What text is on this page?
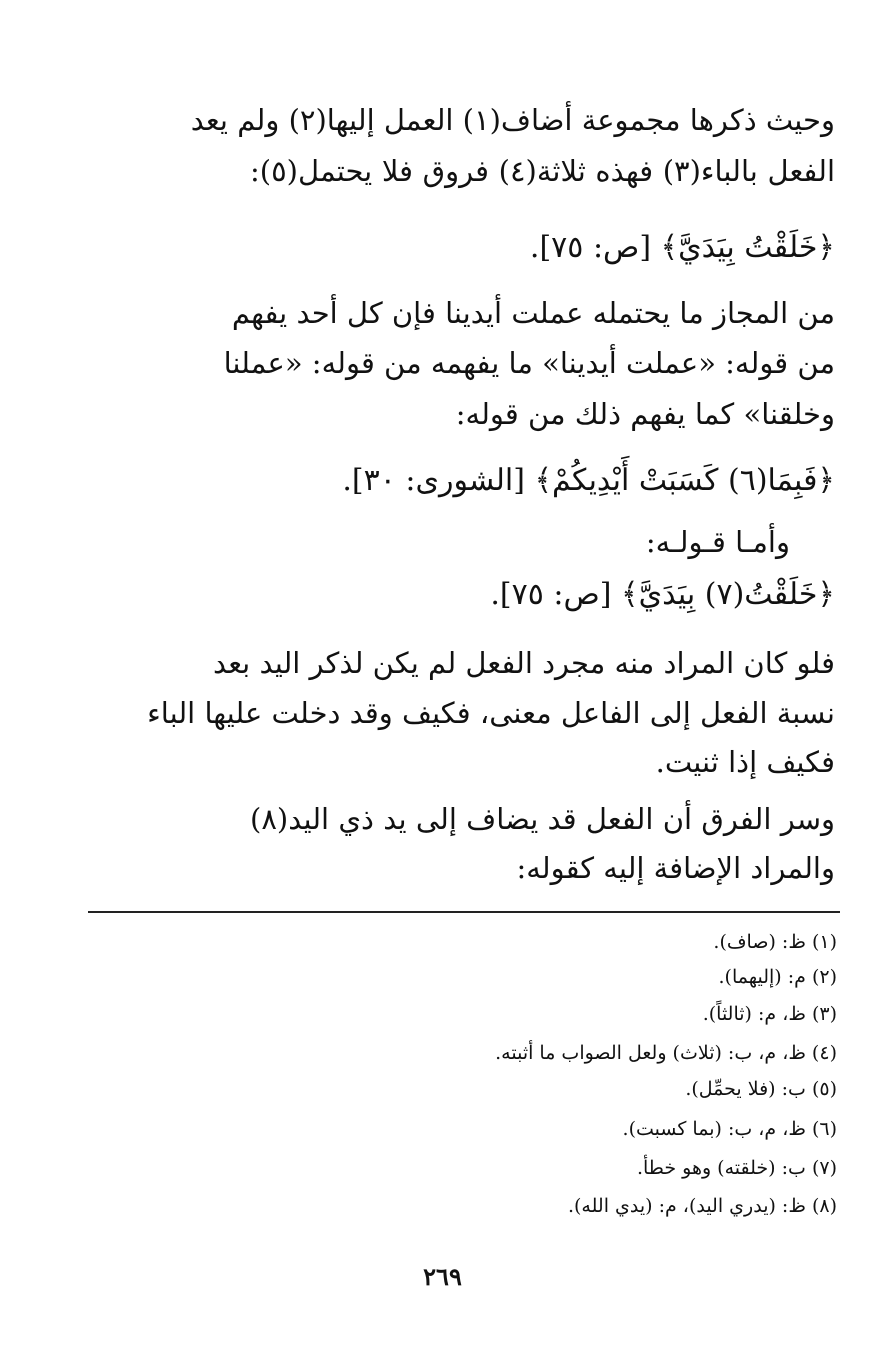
وحيث ذكرها مجموعة أضاف(١) العمل إليها(٢) ولم يعد
الفعل بالباء(٣) فهذه ثلاثة(٤) فروق فلا يحتمل(٥):
﴿خَلَقْتُ بِيَدَيَّ﴾ [ص: ٧٥].
من المجاز ما يحتمله عملت أيدينا فإن كل أحد يفهم
من قوله: «عملت أيدينا» ما يفهمه من قوله: «عملنا
وخلقنا» كما يفهم ذلك من قوله:
﴿فَبِمَا(٦) كَسَبَتْ أَيْدِيكُمْ﴾ [الشورى: ٣٠].
وأمـا قـولـه:
﴿خَلَقْتُ(٧) بِيَدَيَّ﴾ [ص: ٧٥].
فلو كان المراد منه مجرد الفعل لم يكن لذكر اليد بعد
نسبة الفعل إلى الفاعل معنى، فكيف وقد دخلت عليها الباء
فكيف إذا ثنيت.
وسر الفرق أن الفعل قد يضاف إلى يد ذي اليد(٨)
والمراد الإضافة إليه كقوله:
(١) ظ: (صاف).
(٢) م: (إليهما).
(٣) ظ، م: (ثالثاً).
(٤) ظ، م، ب: (ثلاث) ولعل الصواب ما أثبته.
(٥) ب: (فلا يحمِّل).
(٦) ظ، م، ب: (بما كسبت).
(٧) ب: (خلقته) وهو خطأ.
(٨) ظ: (يدري اليد)، م: (يدي الله).
٢٦٩
